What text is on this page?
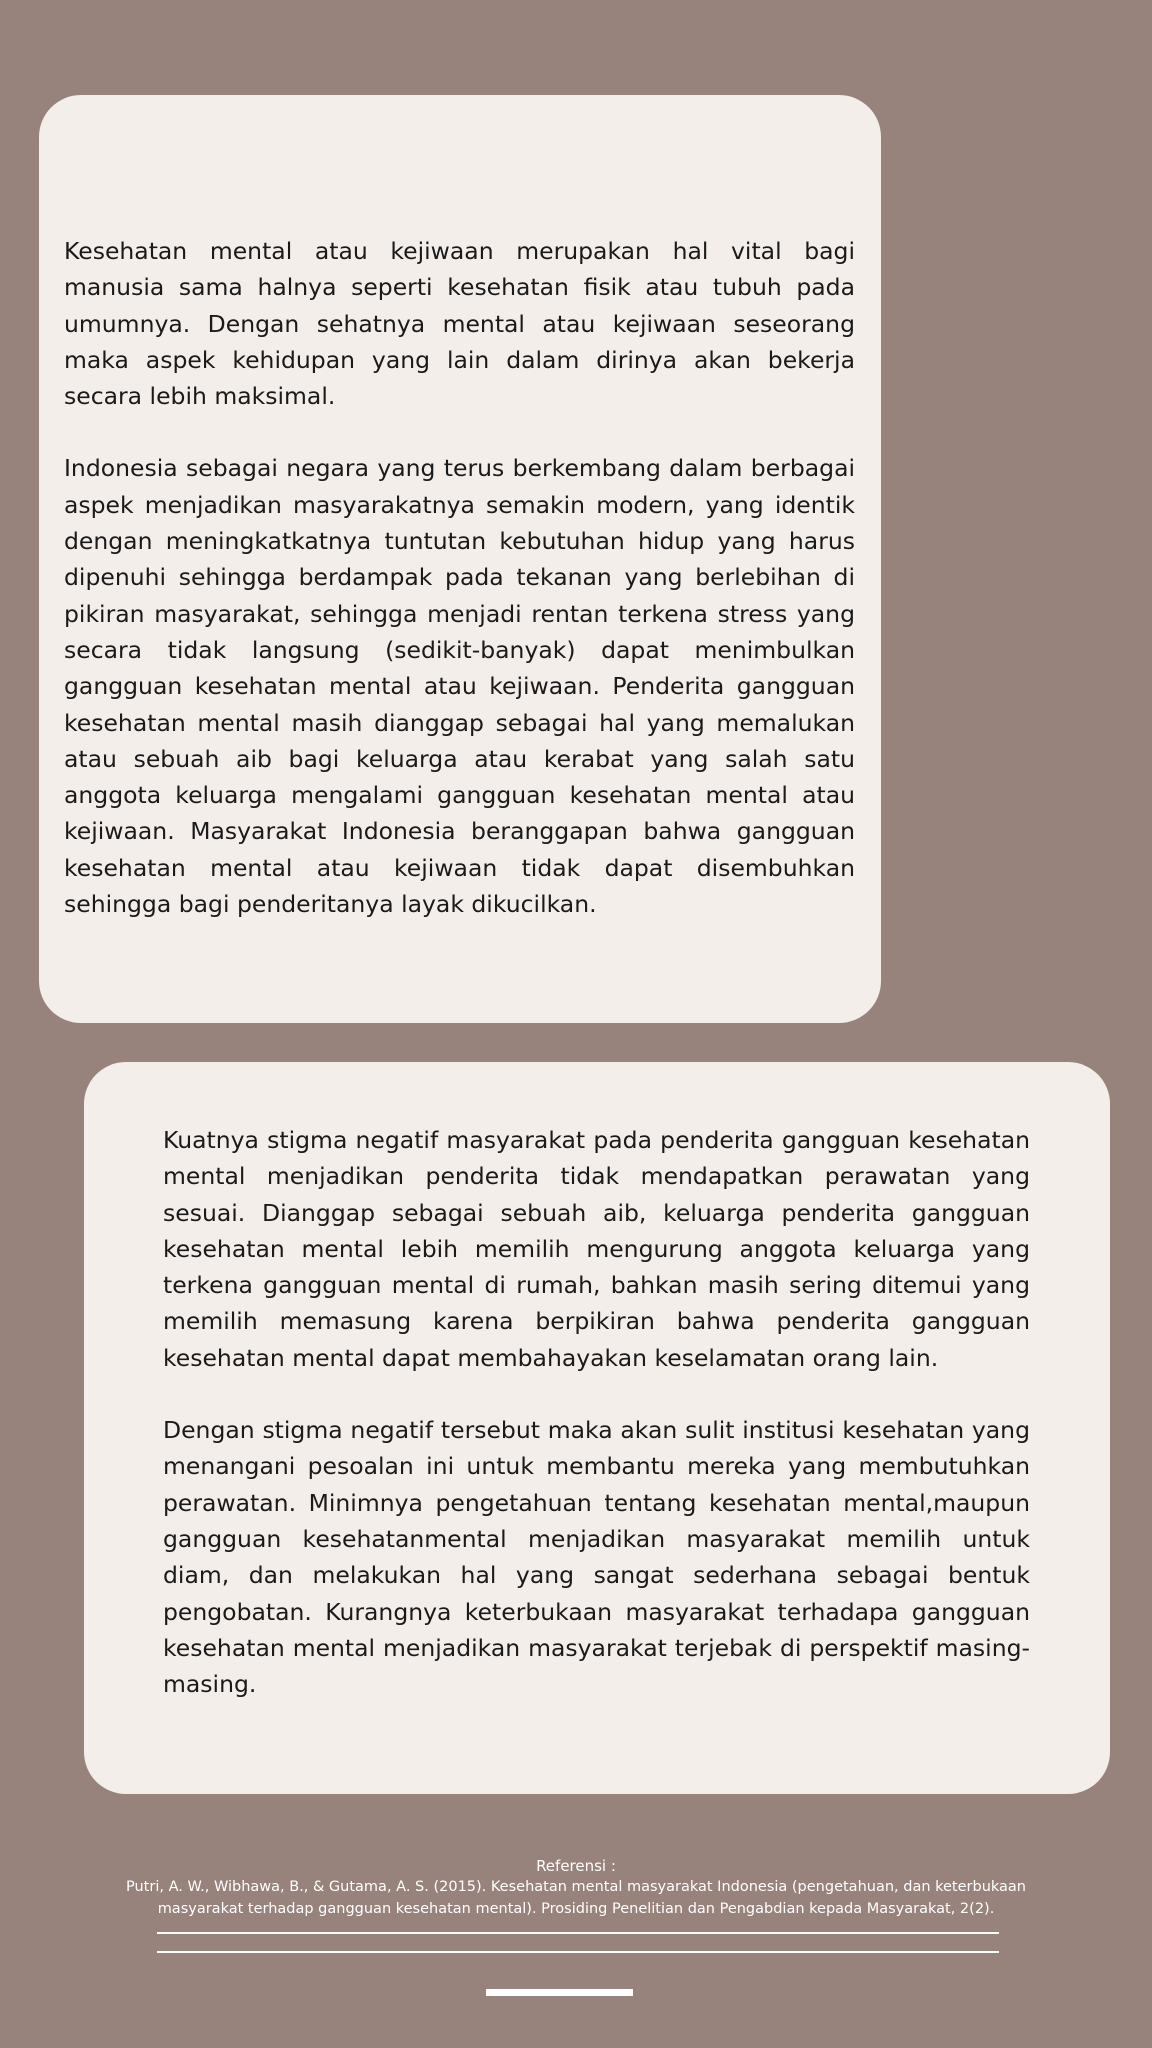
Kesehatan mental atau kejiwaan merupakan hal vital bagi manusia sama halnya seperti kesehatan fisik atau tubuh pada umumnya. Dengan sehatnya mental atau kejiwaan seseorang maka aspek kehidupan yang lain dalam dirinya akan bekerja secara lebih maksimal.

Indonesia sebagai negara yang terus berkembang dalam berbagai aspek menjadikan masyarakatnya semakin modern, yang identik dengan meningkatkatnya tuntutan kebutuhan hidup yang harus dipenuhi sehingga berdampak pada tekanan yang berlebihan di pikiran masyarakat, sehingga menjadi rentan terkena stress yang secara tidak langsung (sedikit-banyak) dapat menimbulkan gangguan kesehatan mental atau kejiwaan. Penderita gangguan kesehatan mental masih dianggap sebagai hal yang memalukan atau sebuah aib bagi keluarga atau kerabat yang salah satu anggota keluarga mengalami gangguan kesehatan mental atau kejiwaan. Masyarakat Indonesia beranggapan bahwa gangguan kesehatan mental atau kejiwaan tidak dapat disembuhkan sehingga bagi penderitanya layak dikucilkan.

Kuatnya stigma negatif masyarakat pada penderita gangguan kesehatan mental menjadikan penderita tidak mendapatkan perawatan yang sesuai. Dianggap sebagai sebuah aib, keluarga penderita gangguan kesehatan mental lebih memilih mengurung anggota keluarga yang terkena gangguan mental di rumah, bahkan masih sering ditemui yang memilih memasung karena berpikiran bahwa penderita gangguan kesehatan mental dapat membahayakan keselamatan orang lain.

Dengan stigma negatif tersebut maka akan sulit institusi kesehatan yang menangani pesoalan ini untuk membantu mereka yang membutuhkan perawatan. Minimnya pengetahuan tentang kesehatan mental,maupun gangguan kesehatanmental menjadikan masyarakat memilih untuk diam, dan melakukan hal yang sangat sederhana sebagai bentuk pengobatan. Kurangnya keterbukaan masyarakat terhadapa gangguan kesehatan mental menjadikan masyarakat terjebak di perspektif masing-masing.

Referensi :

Putri, A. W., Wibhawa, B., & Gutama, A. S. (2015). Kesehatan mental masyarakat Indonesia (pengetahuan, dan keterbukaan masyarakat terhadap gangguan kesehatan mental). Prosiding Penelitian dan Pengabdian kepada Masyarakat, 2(2).
